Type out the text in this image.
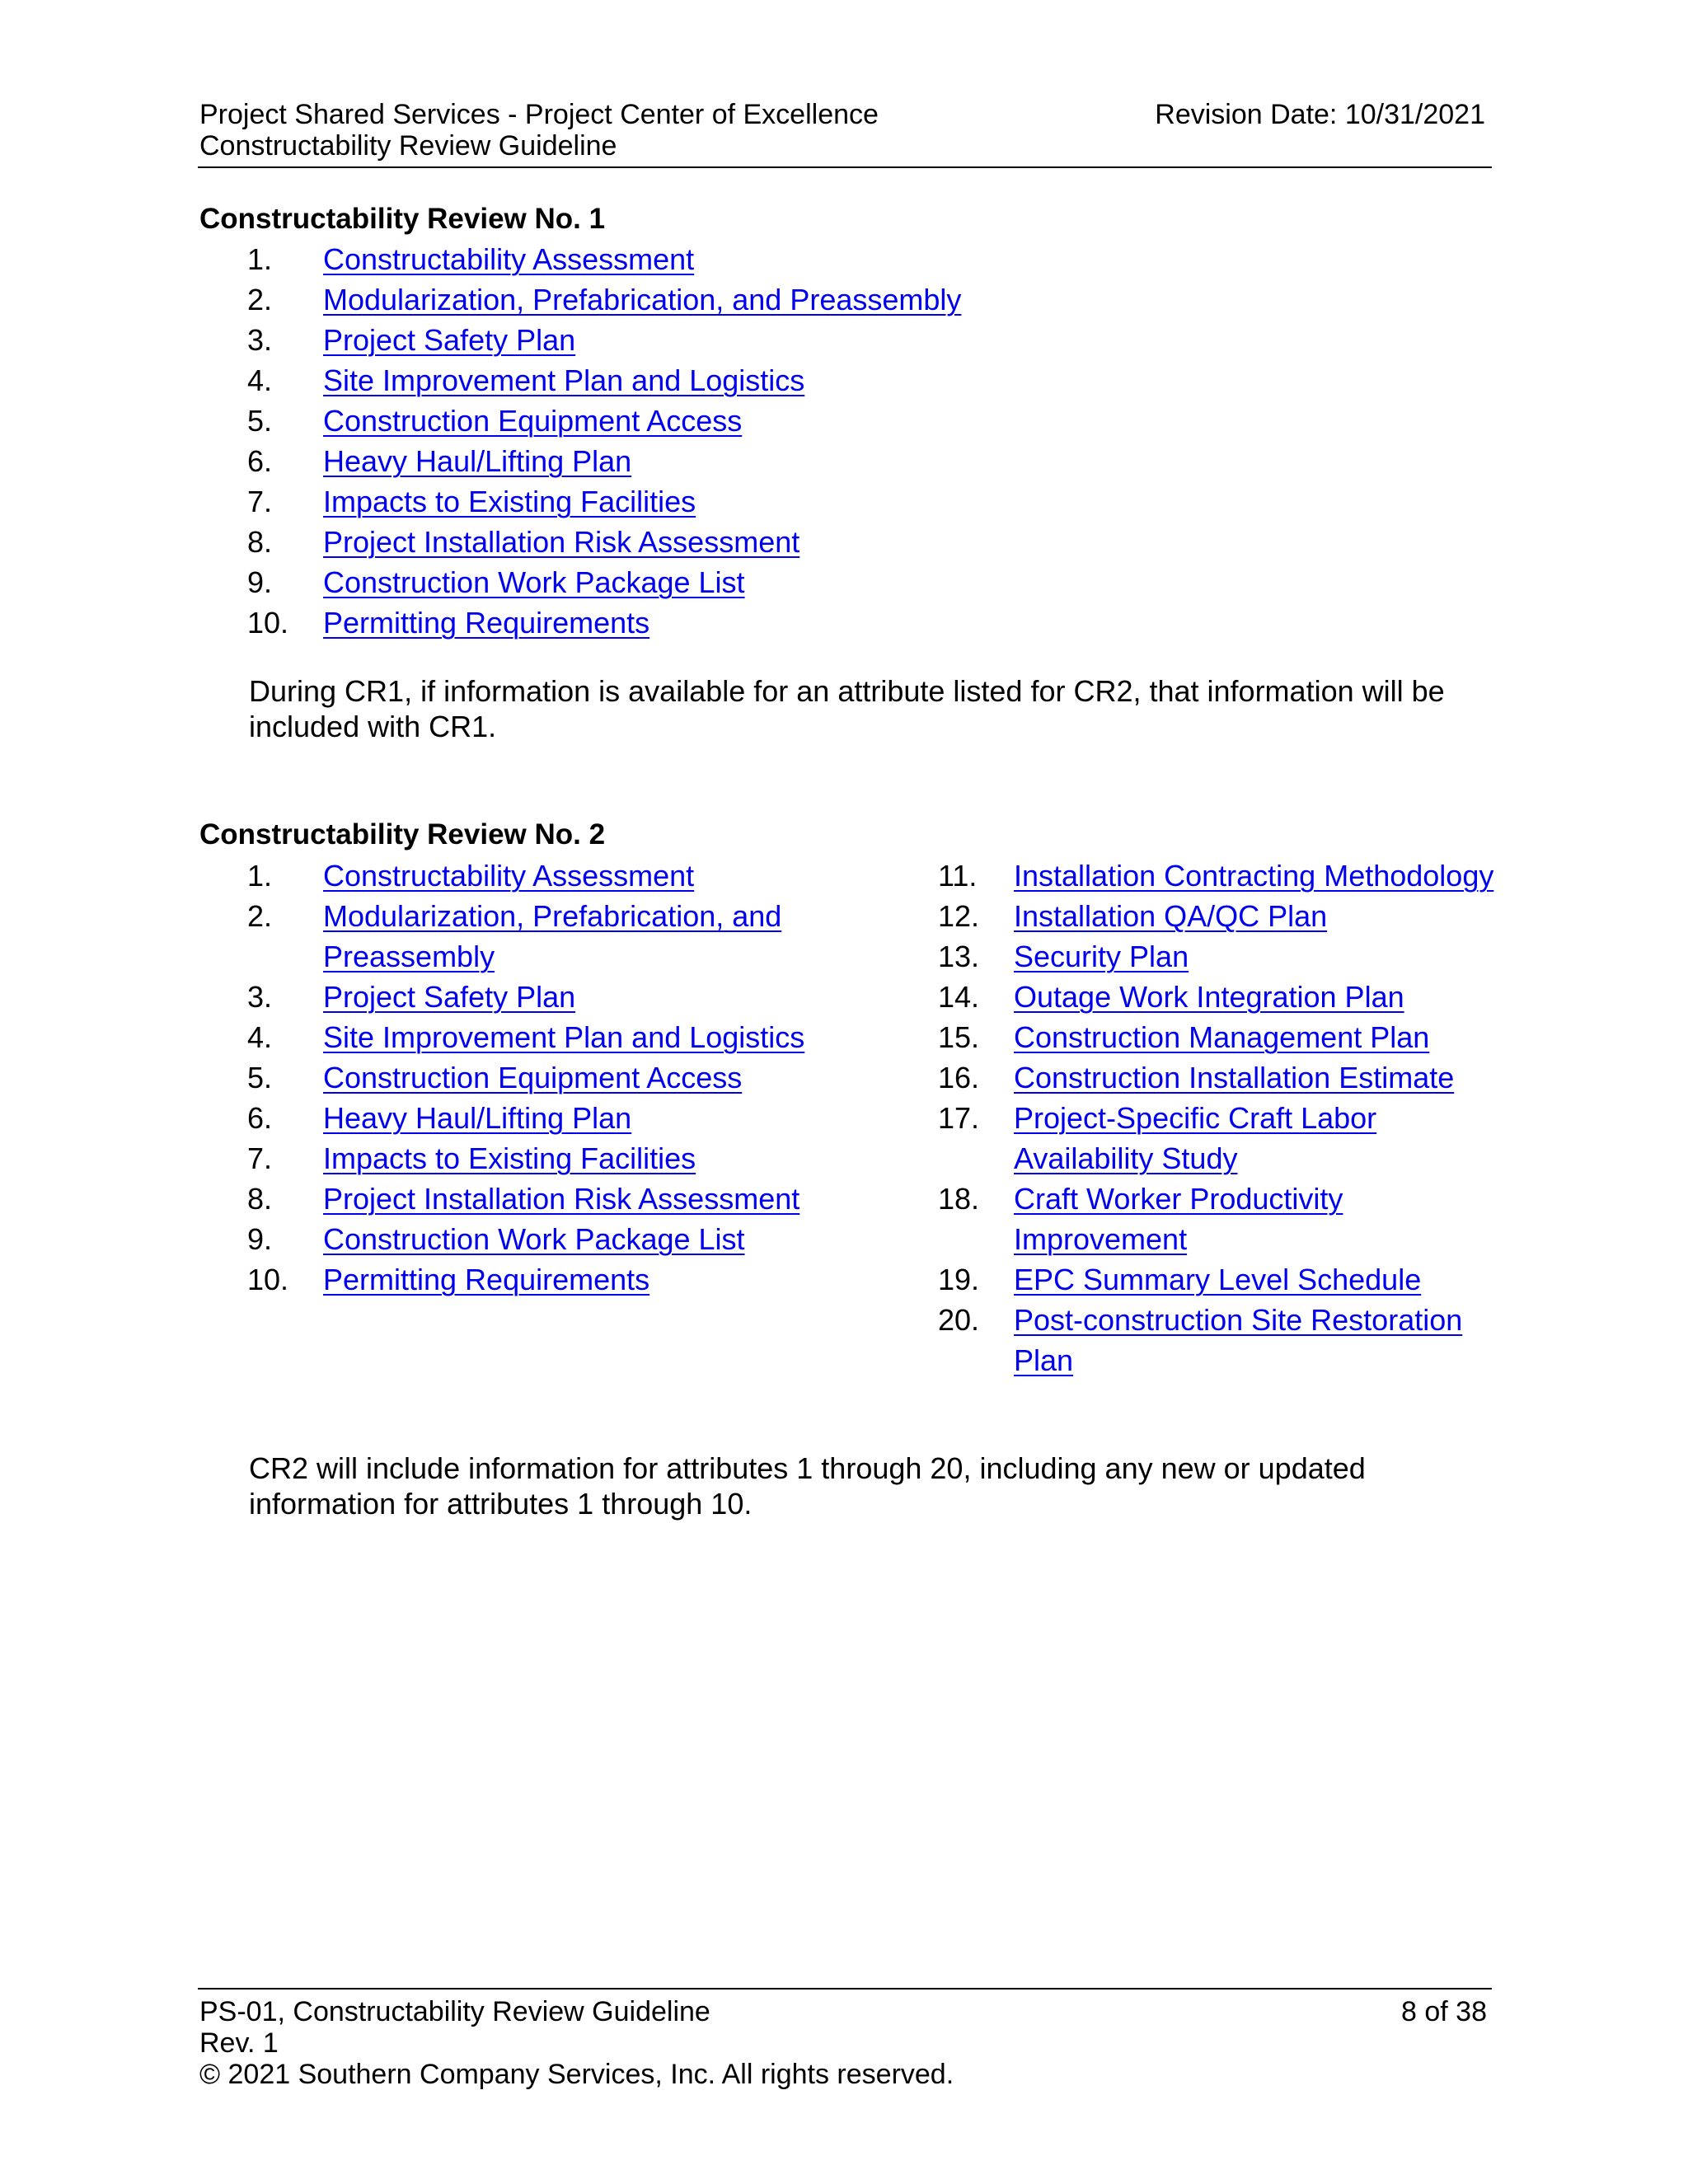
Project Shared Services - Project Center of Excellence	Revision Date: 10/31/2021
Constructability Review Guideline
Constructability Review No. 1
1. Constructability Assessment
2. Modularization, Prefabrication, and Preassembly
3. Project Safety Plan
4. Site Improvement Plan and Logistics
5. Construction Equipment Access
6. Heavy Haul/Lifting Plan
7. Impacts to Existing Facilities
8. Project Installation Risk Assessment
9. Construction Work Package List
10. Permitting Requirements
During CR1, if information is available for an attribute listed for CR2, that information will be included with CR1.
Constructability Review No. 2
1. Constructability Assessment
2. Modularization, Prefabrication, and Preassembly
3. Project Safety Plan
4. Site Improvement Plan and Logistics
5. Construction Equipment Access
6. Heavy Haul/Lifting Plan
7. Impacts to Existing Facilities
8. Project Installation Risk Assessment
9. Construction Work Package List
10. Permitting Requirements
11. Installation Contracting Methodology
12. Installation QA/QC Plan
13. Security Plan
14. Outage Work Integration Plan
15. Construction Management Plan
16. Construction Installation Estimate
17. Project-Specific Craft Labor Availability Study
18. Craft Worker Productivity Improvement
19. EPC Summary Level Schedule
20. Post-construction Site Restoration Plan
CR2 will include information for attributes 1 through 20, including any new or updated information for attributes 1 through 10.
PS-01, Constructability Review Guideline	8 of 38
Rev. 1
© 2021 Southern Company Services, Inc. All rights reserved.
